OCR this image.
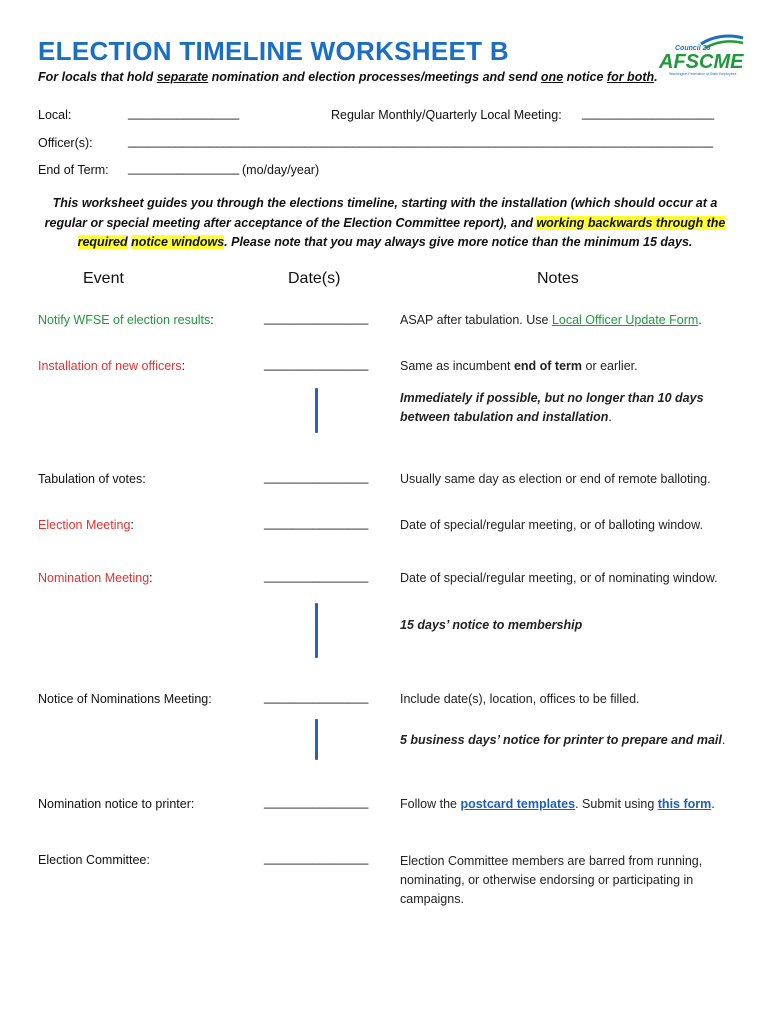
ELECTION TIMELINE WORKSHEET B
For locals that hold separate nomination and election processes/meetings and send one notice for both.
Council 28
AFSCME
Washington Federation of State Employees
Local:	________________	Regular Monthly/Quarterly Local Meeting: ___________________
Officer(s):	______________________________________________________________________________________
End of Term: ________________ (mo/day/year)
This worksheet guides you through the elections timeline, starting with the installation (which should occur at a regular or special meeting after acceptance of the Election Committee report), and working backwards through the required notice windows. Please note that you may always give more notice than the minimum 15 days.
Event	Date(s)	Notes
Notify WFSE of election results:	_______________	ASAP after tabulation. Use Local Officer Update Form.
Installation of new officers:	_______________	Same as incumbent end of term or earlier.
Immediately if possible, but no longer than 10 days between tabulation and installation.
Tabulation of votes:	_______________	Usually same day as election or end of remote balloting.
Election Meeting:	_______________	Date of special/regular meeting, or of balloting window.
Nomination Meeting:	_______________	Date of special/regular meeting, or of nominating window.
15 days’ notice to membership
Notice of Nominations Meeting:	_______________	Include date(s), location, offices to be filled.
5 business days’ notice for printer to prepare and mail.
Nomination notice to printer:	_______________	Follow the postcard templates. Submit using this form.
Election Committee:	_______________	Election Committee members are barred from running, nominating, or otherwise endorsing or participating in campaigns.
